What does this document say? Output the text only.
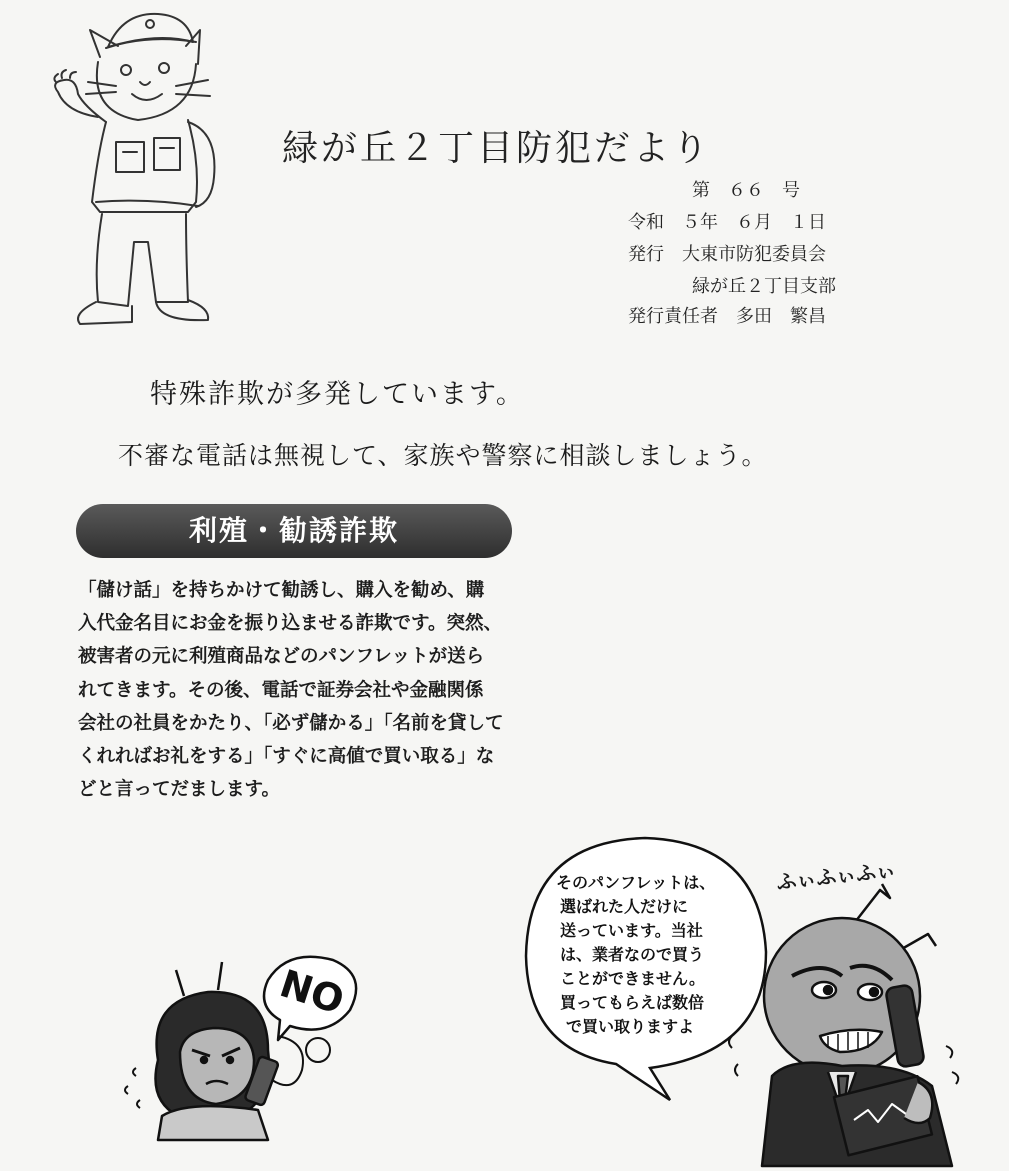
緑が丘２丁目防犯だより
第　６６　号
令和　５年　６月　１日
発行　大東市防犯委員会
緑が丘２丁目支部
発行責任者　多田　繁昌
特殊詐欺が多発しています。
不審な電話は無視して、家族や警察に相談しましょう。
利殖・勧誘詐欺
「儲け話」を持ちかけて勧誘し、購入を勧め、購
入代金名目にお金を振り込ませる詐欺です。突然、
被害者の元に利殖商品などのパンフレットが送ら
れてきます。その後、電話で証券会社や金融関係
会社の社員をかたり、「必ず儲かる」「名前を貸して
くれればお礼をする」「すぐに高値で買い取る」な
どと言ってだまします。
NO
そのパンフレットは、
選ばれた人だけに
送っています。当社
は、業者なので買う
ことができません。
買ってもらえば数倍
で買い取りますよ
ふぃふぃふぃ
